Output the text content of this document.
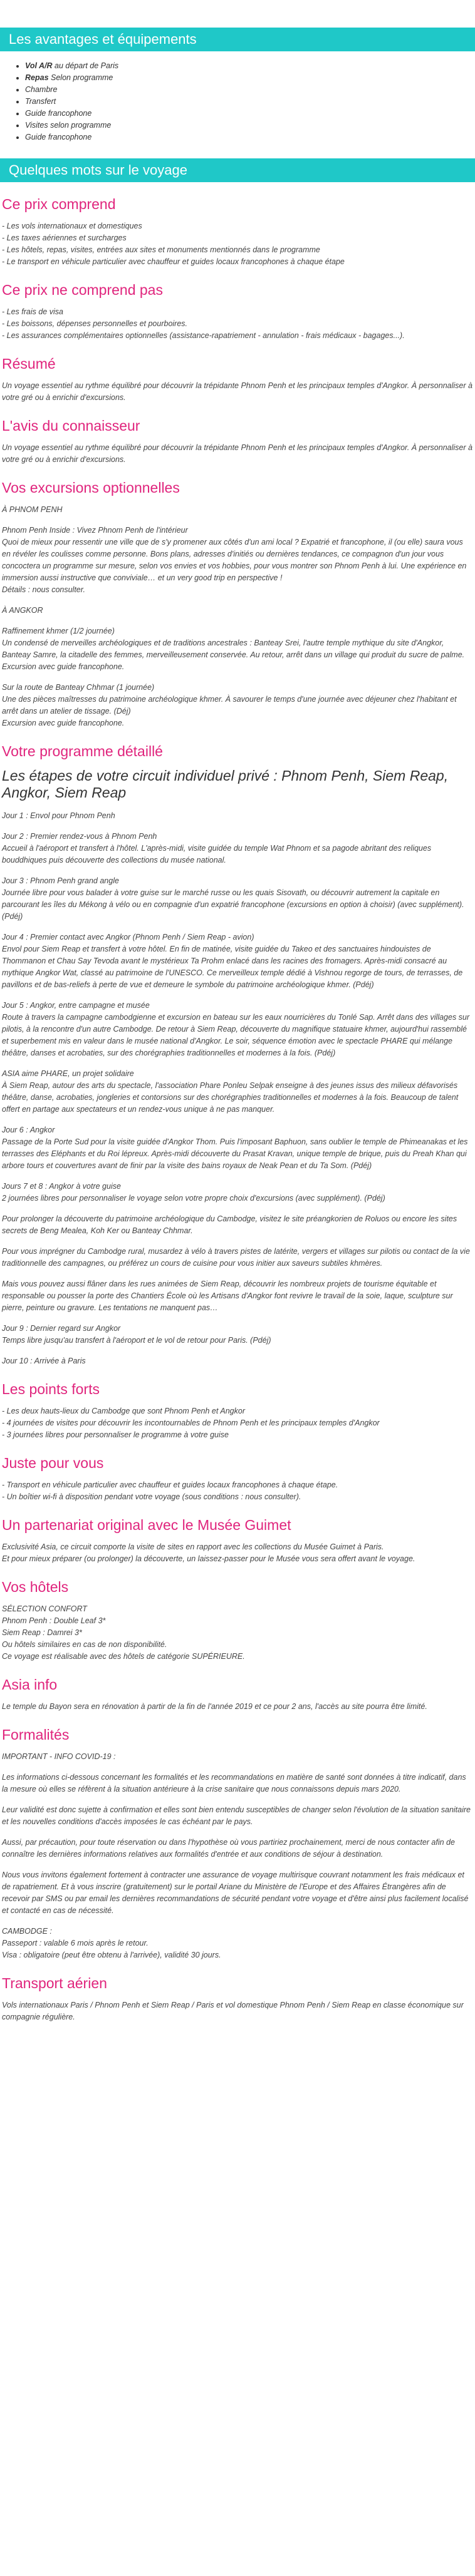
Les avantages et équipements
• Vol A/R au départ de Paris
• Repas Selon programme
• Chambre
• Transfert
• Guide francophone
• Visites selon programme
• Guide francophone
Quelques mots sur le voyage
Ce prix comprend

- Les vols internationaux et domestiques

- Les taxes aériennes et surcharges

- Les hôtels, repas, visites, entrées aux sites et monuments mentionnés dans le programme

- Le transport en véhicule particulier avec chauffeur et guides locaux francophones à chaque étape

Ce prix ne comprend pas

- Les frais de visa

- Les boissons, dépenses personnelles et pourboires.

- Les assurances complémentaires optionnelles (assistance-rapatriement - annulation - frais médicaux - bagages...).

Résumé

Un voyage essentiel au rythme équilibré pour découvrir la trépidante Phnom Penh et les principaux temples d'Angkor. À personnaliser à votre gré ou à enrichir d'excursions.

L'avis du connaisseur

Un voyage essentiel au rythme équilibré pour découvrir la trépidante Phnom Penh et les principaux temples d'Angkor. À personnaliser à votre gré ou à enrichir d'excursions.

Vos excursions optionnelles

À PHNOM PENH

Phnom Penh Inside : Vivez Phnom Penh de l'intérieur
Quoi de mieux pour ressentir une ville que de s'y promener aux côtés d'un ami local ? Expatrié et francophone, il (ou elle) saura vous en révéler les coulisses comme personne. Bons plans, adresses d'initiés ou dernières tendances, ce compagnon d'un jour vous concoctera un programme sur mesure, selon vos envies et vos hobbies, pour vous montrer son Phnom Penh à lui. Une expérience en immersion aussi instructive que conviviale… et un very good trip en perspective !
Détails : nous consulter.

À ANGKOR

Raffinement khmer (1/2 journée)
Un condensé de merveilles archéologiques et de traditions ancestrales : Banteay Srei, l'autre temple mythique du site d'Angkor, Banteay Samre, la citadelle des femmes, merveilleusement conservée. Au retour, arrêt dans un village qui produit du sucre de palme.
Excursion avec guide francophone.

Sur la route de Banteay Chhmar (1 journée)
Une des pièces maîtresses du patrimoine archéologique khmer. À savourer le temps d'une journée avec déjeuner chez l'habitant et arrêt dans un atelier de tissage. (Déj)
Excursion avec guide francophone.

Votre programme détaillé
Les étapes de votre circuit individuel privé : Phnom Penh, Siem Reap, Angkor, Siem Reap

Jour 1 : Envol pour Phnom Penh

Jour 2 : Premier rendez-vous à Phnom Penh
Accueil à l'aéroport et transfert à l'hôtel. L'après-midi, visite guidée du temple Wat Phnom et sa pagode abritant des reliques bouddhiques puis découverte des collections du musée national.

Jour 3 : Phnom Penh grand angle
Journée libre pour vous balader à votre guise sur le marché russe ou les quais Sisovath, ou découvrir autrement la capitale en parcourant les îles du Mékong à vélo ou en compagnie d'un expatrié francophone (excursions en option à choisir) (avec supplément). (Pdéj)

Jour 4 : Premier contact avec Angkor (Phnom Penh / Siem Reap - avion)
Envol pour Siem Reap et transfert à votre hôtel. En fin de matinée, visite guidée du Takeo et des sanctuaires hindouistes de Thommanon et Chau Say Tevoda avant le mystérieux Ta Prohm enlacé dans les racines des fromagers. Après-midi consacré au mythique Angkor Wat, classé au patrimoine de l'UNESCO. Ce merveilleux temple dédié à Vishnou regorge de tours, de terrasses, de pavillons et de bas-reliefs à perte de vue et demeure le symbole du patrimoine archéologique khmer. (Pdéj)

Jour 5 : Angkor, entre campagne et musée
Route à travers la campagne cambodgienne et excursion en bateau sur les eaux nourricières du Tonlé Sap. Arrêt dans des villages sur pilotis, à la rencontre d'un autre Cambodge. De retour à Siem Reap, découverte du magnifique statuaire khmer, aujourd'hui rassemblé et superbement mis en valeur dans le musée national d'Angkor. Le soir, séquence émotion avec le spectacle PHARE qui mélange théâtre, danses et acrobaties, sur des chorégraphies traditionnelles et modernes à la fois. (Pdéj)

ASIA aime PHARE, un projet solidaire
À Siem Reap, autour des arts du spectacle, l'association Phare Ponleu Selpak enseigne à des jeunes issus des milieux défavorisés théâtre, danse, acrobaties, jongleries et contorsions sur des chorégraphies traditionnelles et modernes à la fois. Beaucoup de talent offert en partage aux spectateurs et un rendez-vous unique à ne pas manquer.

Jour 6 : Angkor
Passage de la Porte Sud pour la visite guidée d'Angkor Thom. Puis l'imposant Baphuon, sans oublier le temple de Phimeanakas et les terrasses des Eléphants et du Roi lépreux. Après-midi découverte du Prasat Kravan, unique temple de brique, puis du Preah Khan qui arbore tours et couvertures avant de finir par la visite des bains royaux de Neak Pean et du Ta Som. (Pdéj)

Jours 7 et 8 : Angkor à votre guise
2 journées libres pour personnaliser le voyage selon votre propre choix d'excursions (avec supplément). (Pdéj)

Pour prolonger la découverte du patrimoine archéologique du Cambodge, visitez le site préangkorien de Roluos ou encore les sites secrets de Beng Mealea, Koh Ker ou Banteay Chhmar.

Pour vous imprégner du Cambodge rural, musardez à vélo à travers pistes de latérite, vergers et villages sur pilotis ou contact de la vie traditionnelle des campagnes, ou préférez un cours de cuisine pour vous initier aux saveurs subtiles khmères.

Mais vous pouvez aussi flâner dans les rues animées de Siem Reap, découvrir les nombreux projets de tourisme équitable et responsable ou pousser la porte des Chantiers École où les Artisans d'Angkor font revivre le travail de la soie, laque, sculpture sur pierre, peinture ou gravure. Les tentations ne manquent pas…

Jour 9 : Dernier regard sur Angkor
Temps libre jusqu'au transfert à l'aéroport et le vol de retour pour Paris. (Pdéj)

Jour 10 : Arrivée à Paris

Les points forts

- Les deux hauts-lieux du Cambodge que sont Phnom Penh et Angkor

- 4 journées de visites pour découvrir les incontournables de Phnom Penh et les principaux temples d'Angkor

- 3 journées libres pour personnaliser le programme à votre guise

Juste pour vous

- Transport en véhicule particulier avec chauffeur et guides locaux francophones à chaque étape.

- Un boîtier wi-fi à disposition pendant votre voyage (sous conditions : nous consulter).

Un partenariat original avec le Musée Guimet

Exclusivité Asia, ce circuit comporte la visite de sites en rapport avec les collections du Musée Guimet à Paris.
Et pour mieux préparer (ou prolonger) la découverte, un laissez-passer pour le Musée vous sera offert avant le voyage.

Vos hôtels

SÉLECTION CONFORT
Phnom Penh : Double Leaf 3*
Siem Reap : Damrei 3*
Ou hôtels similaires en cas de non disponibilité.
Ce voyage est réalisable avec des hôtels de catégorie SUPÉRIEURE.

Asia info

Le temple du Bayon sera en rénovation à partir de la fin de l'année 2019 et ce pour 2 ans, l'accès au site pourra être limité.

Formalités

IMPORTANT - INFO COVID-19 :

Les informations ci-dessous concernant les formalités et les recommandations en matière de santé sont données à titre indicatif, dans la mesure où elles se réfèrent à la situation antérieure à la crise sanitaire que nous connaissons depuis mars 2020.

Leur validité est donc sujette à confirmation et elles sont bien entendu susceptibles de changer selon l'évolution de la situation sanitaire et les nouvelles conditions d'accès imposées le cas échéant par le pays.

Aussi, par précaution, pour toute réservation ou dans l'hypothèse où vous partiriez prochainement, merci de nous contacter afin de connaître les dernières informations relatives aux formalités d'entrée et aux conditions de séjour à destination.

Nous vous invitons également fortement à contracter une assurance de voyage multirisque couvrant notamment les frais médicaux et de rapatriement. Et à vous inscrire (gratuitement) sur le portail Ariane du Ministère de l'Europe et des Affaires Étrangères afin de recevoir par SMS ou par email les dernières recommandations de sécurité pendant votre voyage et d'être ainsi plus facilement localisé et contacté en cas de nécessité.

CAMBODGE :
Passeport : valable 6 mois après le retour.
Visa : obligatoire (peut être obtenu à l'arrivée), validité 30 jours.

Transport aérien

Vols internationaux Paris / Phnom Penh et Siem Reap / Paris et vol domestique Phnom Penh / Siem Reap en classe économique sur compagnie régulière.
